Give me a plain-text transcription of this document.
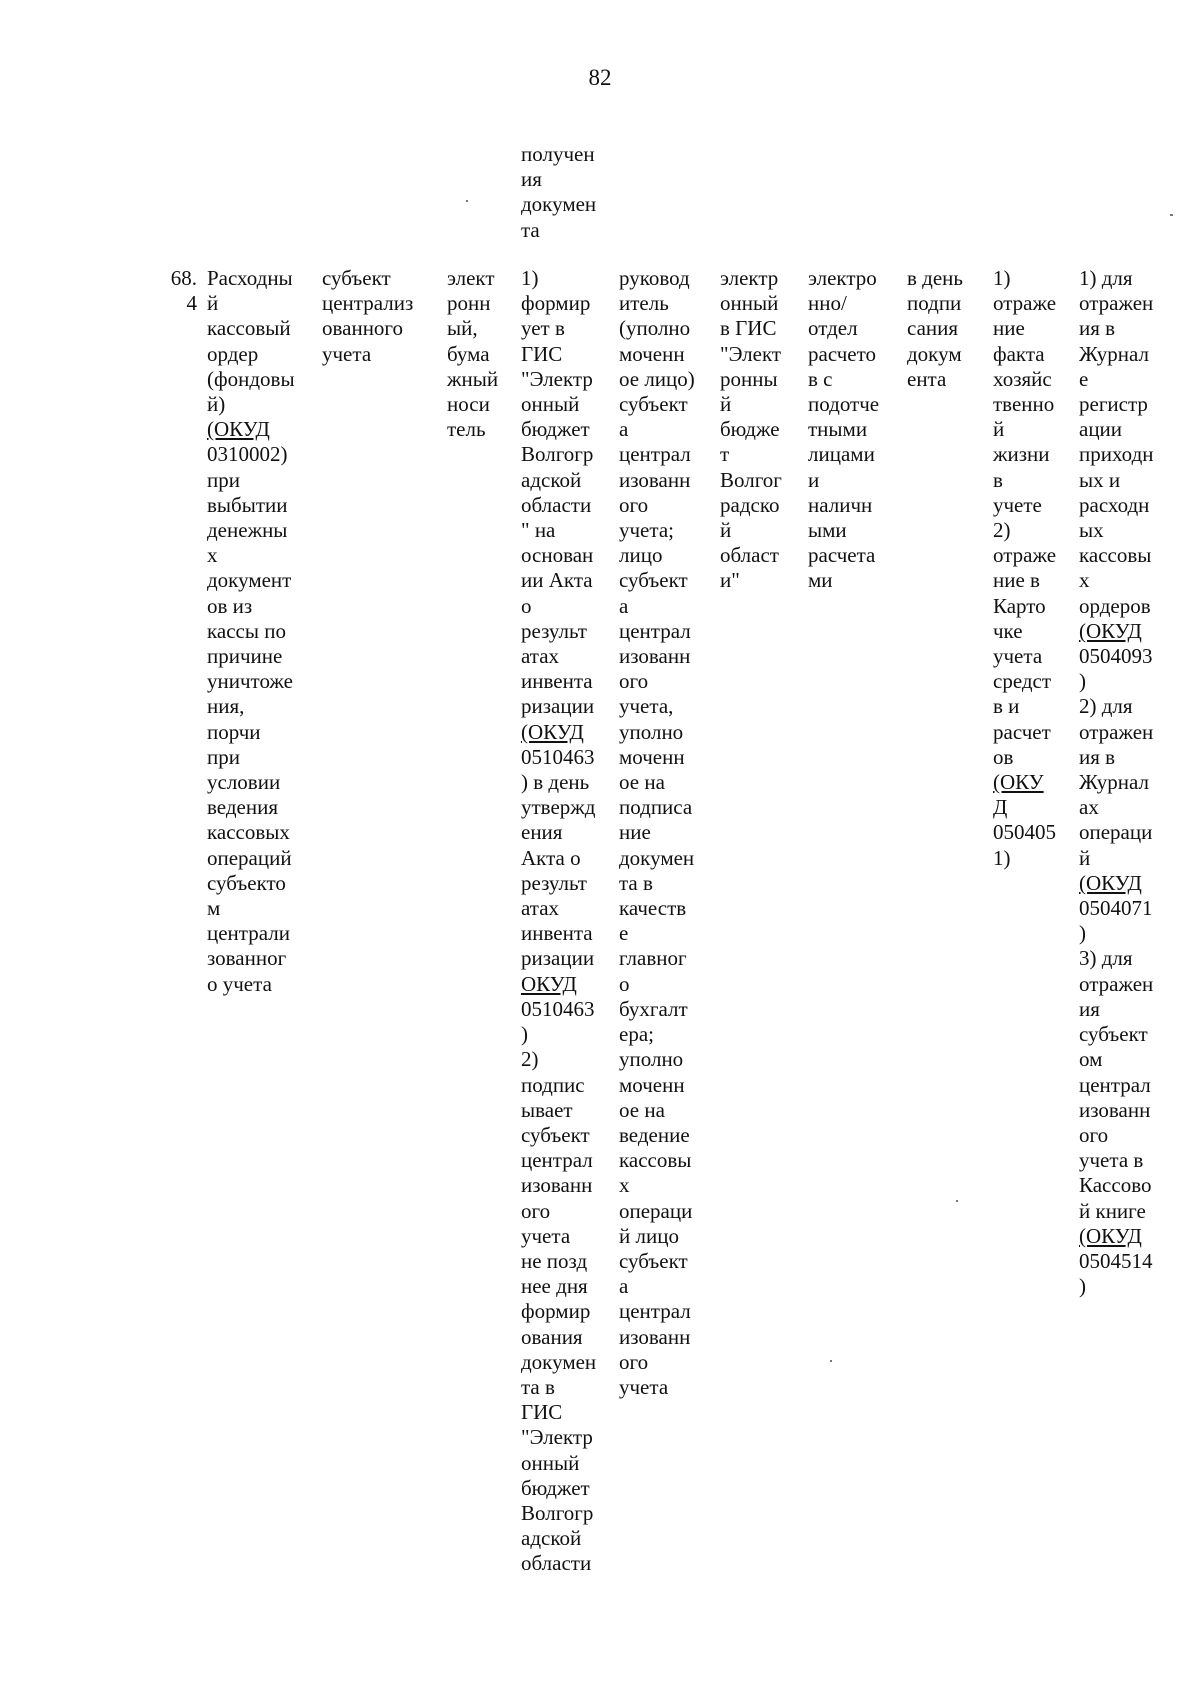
82
получен
ия
докумен
та
68.
4
Расходны
й
кассовый
ордер
(фондовы
й)
(ОКУД
0310002)
при
выбытии
денежны
х
документ
ов из
кассы по
причине
уничтоже
ния,
порчи
при
условии
ведения
кассовых
операций
субъекто
м
централи
зованног
о учета
субъект
централиз
ованного
учета
элект
ронн
ый,
бума
жный
носи
тель
1)
формир
ует в
ГИС
"Электр
онный
бюджет
Волгогр
адской
области
" на
основан
ии Акта
о
результ
атах
инвента
ризации
(ОКУД
0510463
) в день
утвержд
ения
Акта о
результ
атах
инвента
ризации
ОКУД
0510463
)
2)
подпис
ывает
субъект
централ
изованн
ого
учета
не позд
нее дня
формир
ования
докумен
та в
ГИС
"Электр
онный
бюджет
Волгогр
адской
области
руковод
итель
(уполно
моченн
ое лицо)
субъект
а
централ
изованн
ого
учета;
лицо
субъект
а
централ
изованн
ого
учета,
уполно
моченн
ое на
подписа
ние
докумен
та в
качеств
е
главног
о
бухгалт
ера;
уполно
моченн
ое на
ведение
кассовы
х
операци
й лицо
субъект
а
централ
изованн
ого
учета
электр
онный
в ГИС
"Элект
ронны
й
бюдже
т
Волгог
радско
й
област
и"
электро
нно/
отдел
расчето
в с
подотче
тными
лицами
и
наличн
ыми
расчета
ми
в день
подпи
сания
докум
ента
1)
отраже
ние
факта
хозяйс
твенно
й
жизни
в
учете
2)
отраже
ние в
Карто
чке
учета
средст
в и
расчет
ов
(ОКУ
Д
050405
1)
1) для
отражен
ия в
Журнал
е
регистр
ации
приходн
ых и
расходн
ых
кассовы
х
ордеров
(ОКУД
0504093
)
2) для
отражен
ия в
Журнал
ах
операци
й
(ОКУД
0504071
)
3) для
отражен
ия
субъект
ом
централ
изованн
ого
учета в
Кассово
й книге
(ОКУД
0504514
)
